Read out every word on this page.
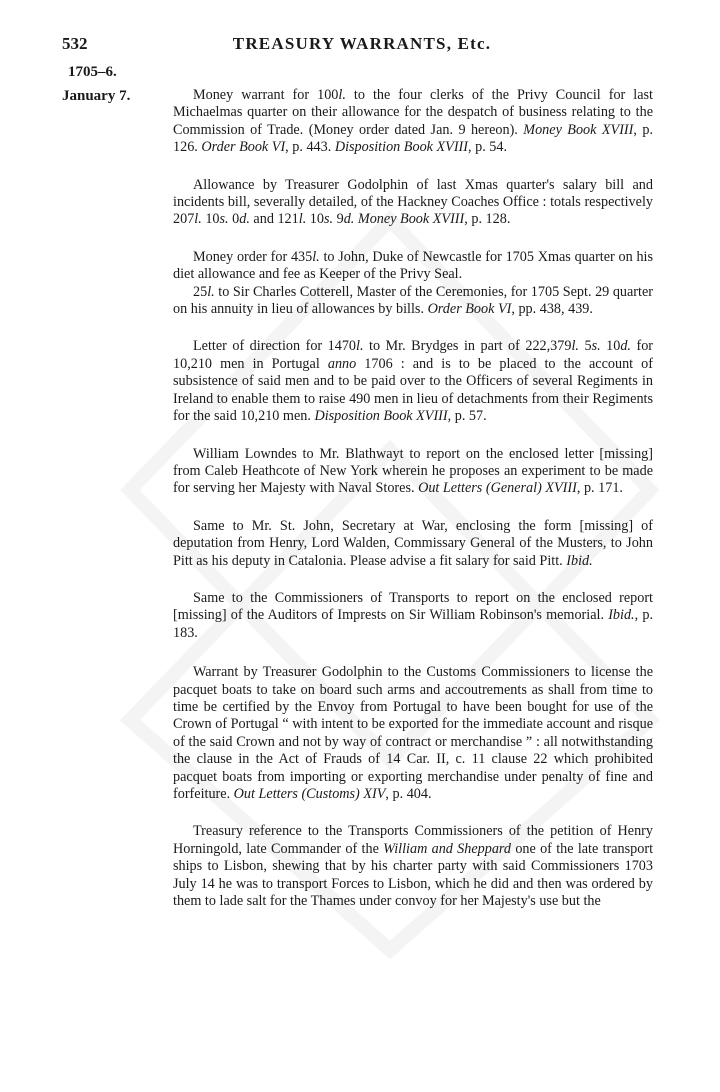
532	TREASURY WARRANTS, Etc.
1705–6.
January 7.	Money warrant for 100l. to the four clerks of the Privy Council for last Michaelmas quarter on their allowance for the despatch of business relating to the Commission of Trade. (Money order dated Jan. 9 hereon). Money Book XVIII, p. 126. Order Book VI, p. 443. Disposition Book XVIII, p. 54.

Allowance by Treasurer Godolphin of last Xmas quarter's salary bill and incidents bill, severally detailed, of the Hackney Coaches Office : totals respectively 207l. 10s. 0d. and 121l. 10s. 9d. Money Book XVIII, p. 128.

Money order for 435l. to John, Duke of Newcastle for 1705 Xmas quarter on his diet allowance and fee as Keeper of the Privy Seal.

25l. to Sir Charles Cotterell, Master of the Ceremonies, for 1705 Sept. 29 quarter on his annuity in lieu of allowances by bills. Order Book VI, pp. 438, 439.

Letter of direction for 1470l. to Mr. Brydges in part of 222,379l. 5s. 10d. for 10,210 men in Portugal anno 1706 : and is to be placed to the account of subsistence of said men and to be paid over to the Officers of several Regiments in Ireland to enable them to raise 490 men in lieu of detachments from their Regiments for the said 10,210 men. Disposition Book XVIII, p. 57.

William Lowndes to Mr. Blathwayt to report on the enclosed letter [missing] from Caleb Heathcote of New York wherein he proposes an experiment to be made for serving her Majesty with Naval Stores. Out Letters (General) XVIII, p. 171.

Same to Mr. St. John, Secretary at War, enclosing the form [missing] of deputation from Henry, Lord Walden, Commissary General of the Musters, to John Pitt as his deputy in Catalonia. Please advise a fit salary for said Pitt. Ibid.

Same to the Commissioners of Transports to report on the enclosed report [missing] of the Auditors of Imprests on Sir William Robinson's memorial. Ibid., p. 183.

Warrant by Treasurer Godolphin to the Customs Commissioners to license the pacquet boats to take on board such arms and accoutrements as shall from time to time be certified by the Envoy from Portugal to have been bought for use of the Crown of Portugal “ with intent to be exported for the immediate account and risque of the said Crown and not by way of contract or merchandise ” : all notwithstanding the clause in the Act of Frauds of 14 Car. II, c. 11 clause 22 which prohibited pacquet boats from importing or exporting merchandise under penalty of fine and forfeiture. Out Letters (Customs) XIV, p. 404.

Treasury reference to the Transports Commissioners of the petition of Henry Horningold, late Commander of the William and Sheppard one of the late transport ships to Lisbon, shewing that by his charter party with said Commissioners 1703 July 14 he was to transport Forces to Lisbon, which he did and then was ordered by them to lade salt for the Thames under convoy for her Majesty's use but the
